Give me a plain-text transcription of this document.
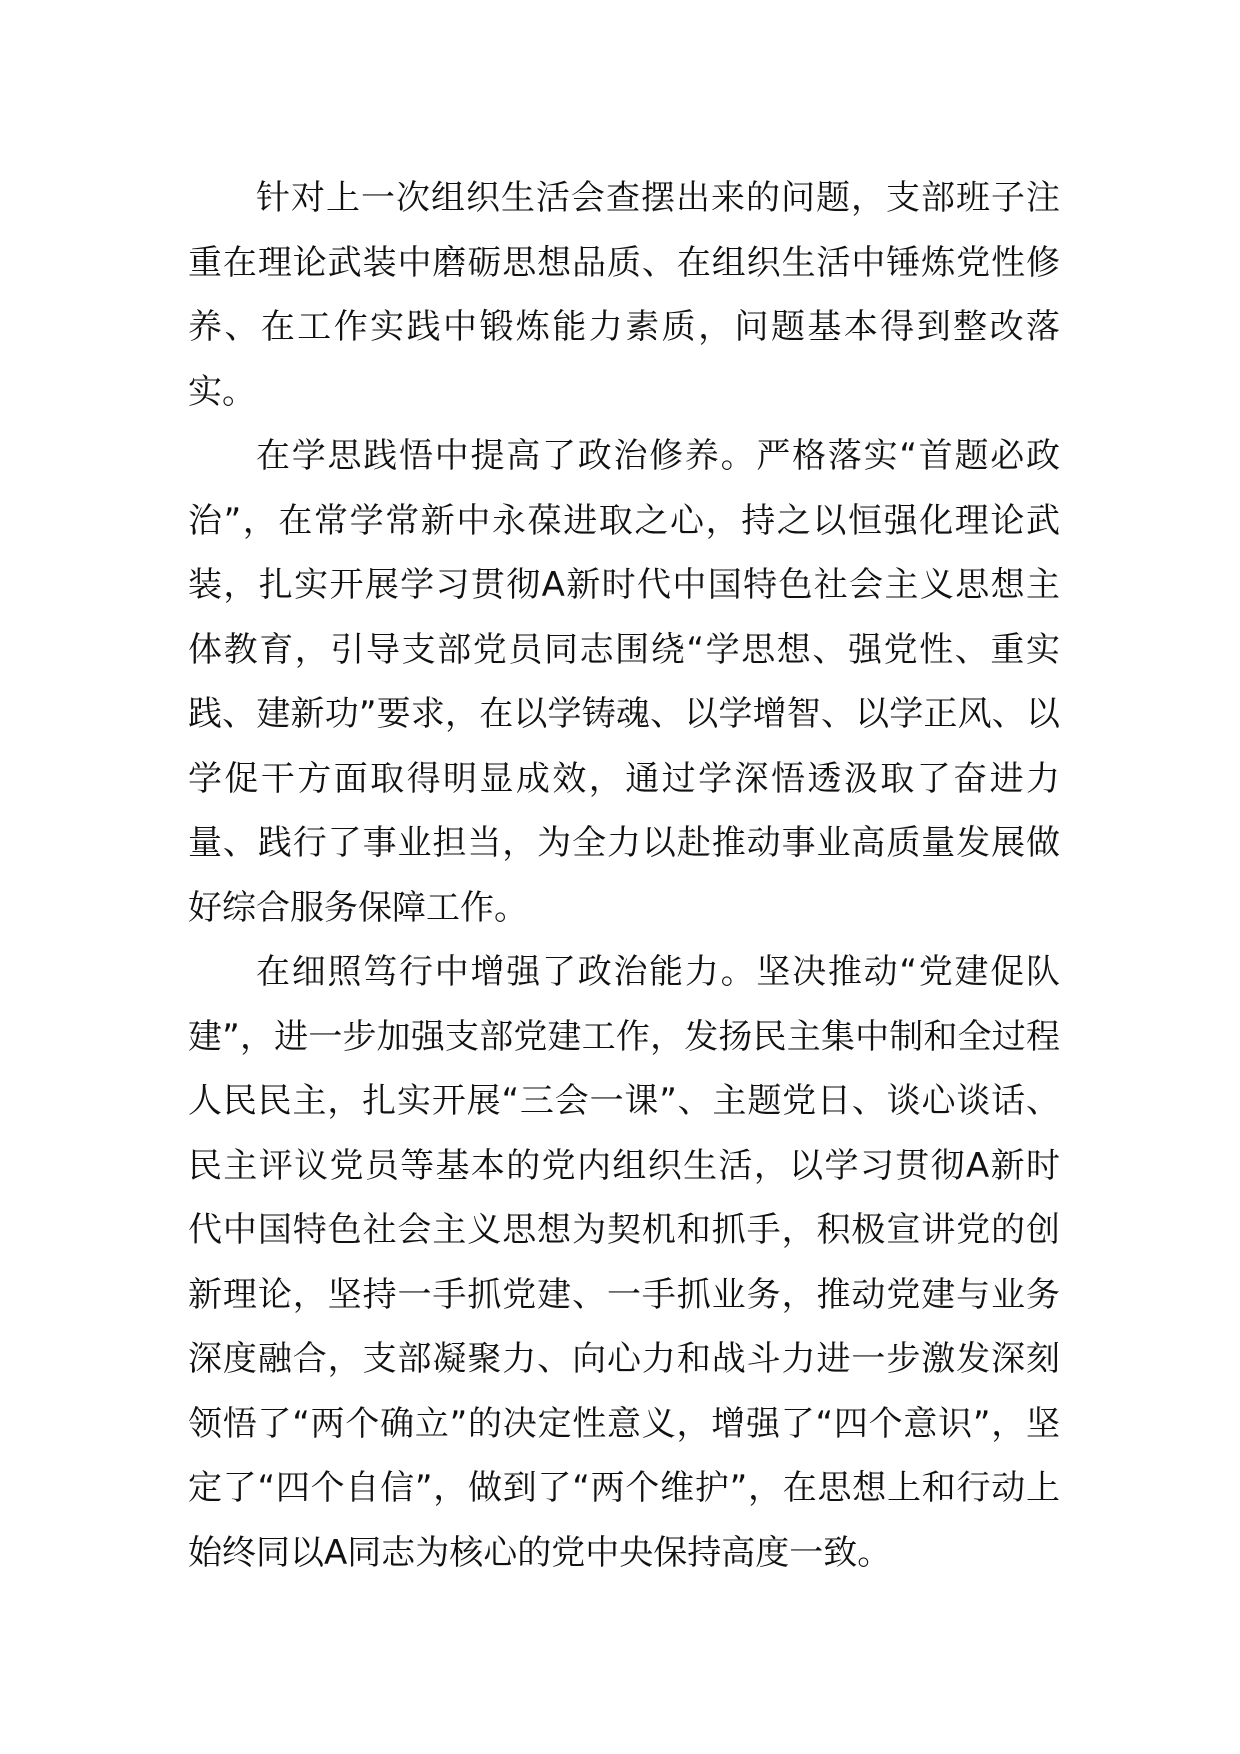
针对上一次组织生活会查摆出来的问题，支部班子注重在理论武装中磨砺思想品质、在组织生活中锤炼党性修养、在工作实践中锻炼能力素质，问题基本得到整改落实。

在学思践悟中提高了政治修养。严格落实“首题必政治”，在常学常新中永葆进取之心，持之以恒强化理论武装，扎实开展学习贯彻A新时代中国特色社会主义思想主体教育，引导支部党员同志围绕“学思想、强党性、重实践、建新功”要求，在以学铸魂、以学增智、以学正风、以学促干方面取得明显成效，通过学深悟透汲取了奋进力量、践行了事业担当，为全力以赴推动事业高质量发展做好综合服务保障工作。

在细照笃行中增强了政治能力。坚决推动“党建促队建”，进一步加强支部党建工作，发扬民主集中制和全过程人民民主，扎实开展“三会一课”、主题党日、谈心谈话、民主评议党员等基本的党内组织生活，以学习贯彻A新时代中国特色社会主义思想为契机和抓手，积极宣讲党的创新理论，坚持一手抓党建、一手抓业务，推动党建与业务深度融合，支部凝聚力、向心力和战斗力进一步激发深刻领悟了“两个确立”的决定性意义，增强了“四个意识”，坚定了“四个自信”，做到了“两个维护”，在思想上和行动上始终同以A同志为核心的党中央保持高度一致。
